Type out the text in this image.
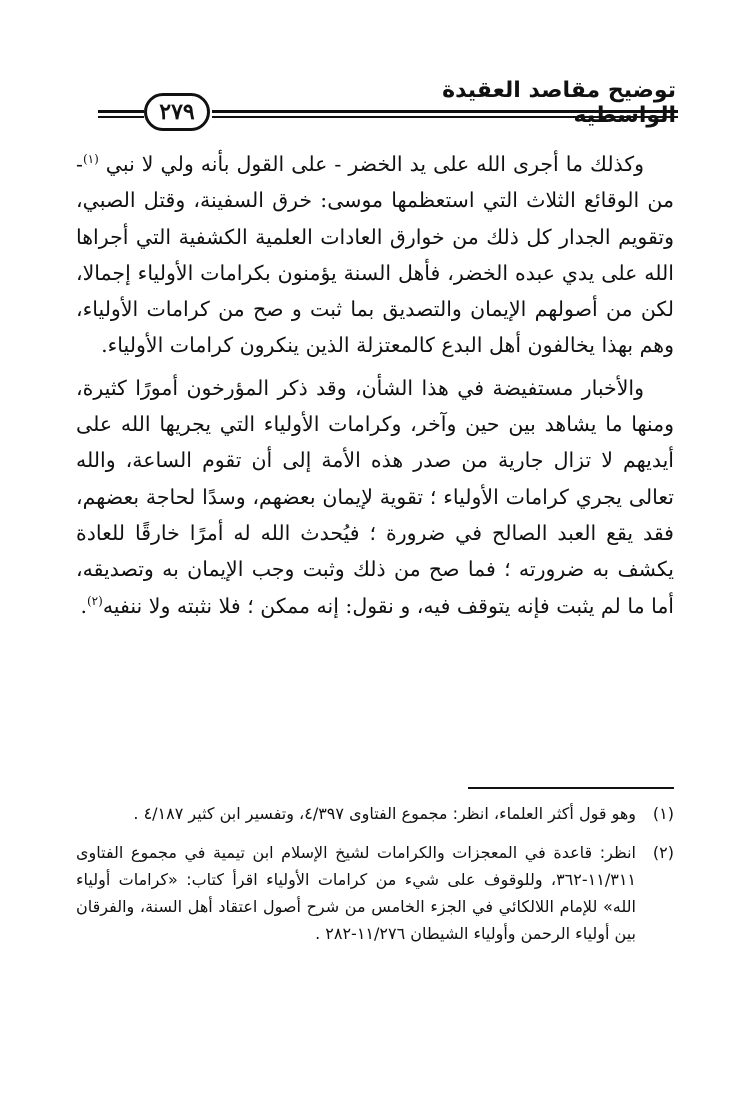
توضيح مقاصد العقيدة
٢٧٩

وكذلك ما أجرى الله على يد الخضر - على القول بأنه ولي لا نبي $^{(١)}$- من الوقائع الثلاث التي استعظمها موسى: خرق السفينة، وقتل الصبي، وتقويم الجدار كل ذلك من خوارق العادات العلمية الكشفية التي أجراها الله على يدي عبده الخضر، فأهل السنة يؤمنون بكرامات الأولياء إجمالا، لكن من أصولهم الإيمان والتصديق بما ثبت و صح من كرامات الأولياء، وهم بهذا يخالفون أهل البدع كالمعتزلة الذين ينكرون كرامات الأولياء.

والأخبار مستفيضة في هذا الشأن، وقد ذكر المؤرخون أمورًا كثيرة، ومنها ما يشاهد بين حين وآخر، وكرامات الأولياء التي يجريها الله على أيديهم لا تزال جارية من صدر هذه الأمة إلى أن تقوم الساعة، والله تعالى يجري كرامات الأولياء ؛ تقوية لإيمان بعضهم، وسدًا لحاجة بعضهم، فقد يقع العبد الصالح في ضرورة ؛ فيُحدث الله له أمرًا خارقًا للعادة يكشف به ضرورته ؛ فما صح من ذلك وثبت وجب الإيمان به وتصديقه، أما ما لم يثبت فإنه يتوقف فيه، و نقول: إنه ممكن ؛ فلا نثبته ولا ننفيه$^{(٢)}$.

(١)
وهو قول أكثر العلماء، انظر: مجموع الفتاوى ٤/٣٩٧، وتفسير ابن كثير ٤/١٨٧ .
(٢)
انظر: قاعدة في المعجزات والكرامات لشيخ الإسلام ابن تيمية في مجموع الفتاوى ١١/٣١١-٣٦٢، وللوقوف على شيء من كرامات الأولياء اقرأ كتاب: «كرامات أولياء الله» للإمام اللالكائي في الجزء الخامس من شرح أصول اعتقاد أهل السنة، والفرقان بين أولياء الرحمن وأولياء الشيطان ١١/٢٧٦-٢٨٢ .
